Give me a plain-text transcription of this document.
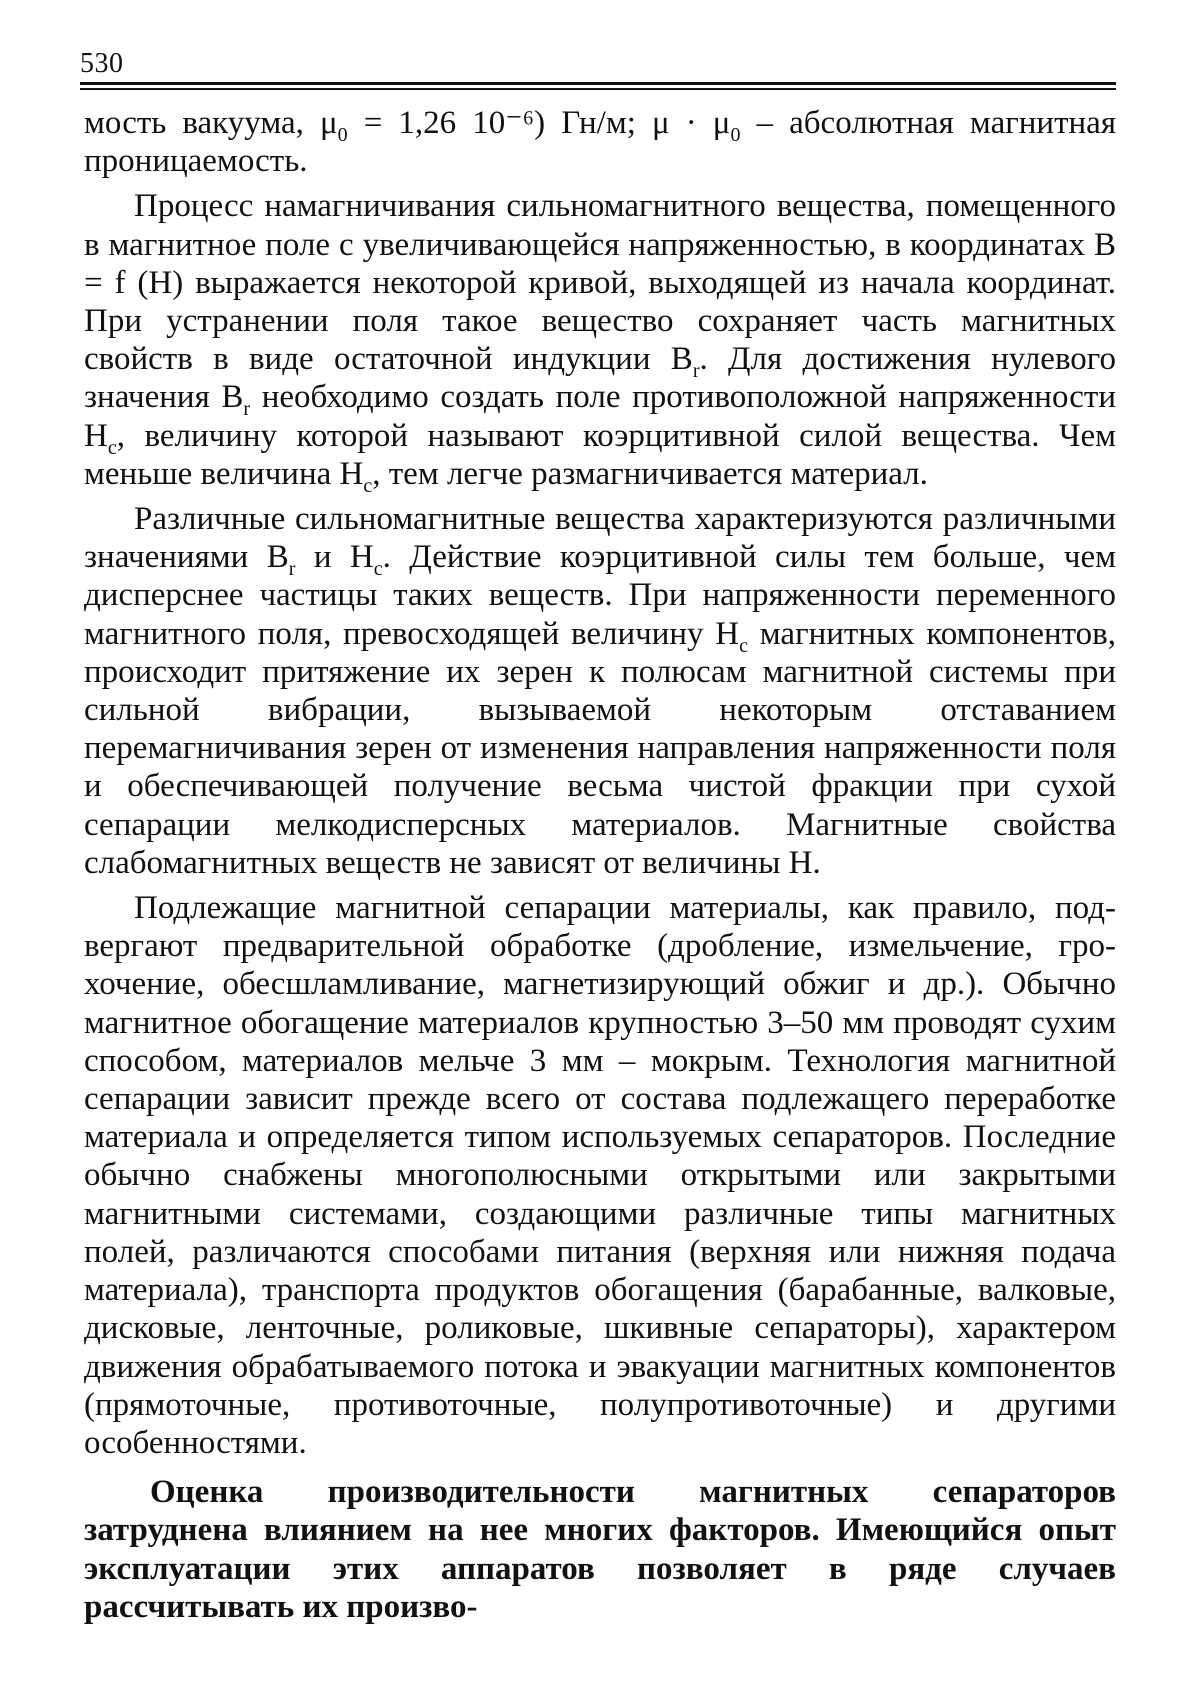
530

мость вакуума, $\mu_0 = 1,26$ 10⁻⁶) Гн/м; $\mu \cdot \mu_0$ – абсолютная магнитная проницаемость.

Процесс намагничивания сильномагнитного вещества, помещенного в магнитное поле с увеличивающейся напряженностью, в координатах B = f (H) выражается некоторой кривой, выходящей из начала координат. При устранении поля такое вещество сохраняет часть магнитных свойств в виде остаточной индукции $B_r$. Для достижения нулевого значения $B_r$ необходимо создать поле противоположной напряженности $H_c$, величину которой называют коэрцитивной силой вещества. Чем меньше величина $H_c$, тем легче размагничивается материал.

Различные сильномагнитные вещества характеризуются различными значениями $B_r$ и $H_c$. Действие коэрцитивной силы тем больше, чем дисперснее частицы таких веществ. При напряженности переменного магнитного поля, превосходящей величину $H_c$ магнитных компонентов, происходит притяжение их зерен к полюсам магнитной системы при сильной вибрации, вызываемой некоторым отставанием перемагничивания зерен от изменения направления напряженности поля и обеспечивающей получение весьма чистой фракции при сухой сепарации мелкодисперсных материалов. Магнитные свойства слабомагнитных веществ не зависят от величины H.

Подлежащие магнитной сепарации материалы, как правило, подвергают предварительной обработке (дробление, измельчение, грохочение, обесшламливание, магнетизирующий обжиг и др.). Обычно магнитное обогащение материалов крупностью 3–50 мм проводят сухим способом, материалов мельче 3 мм – мокрым. Технология магнитной сепарации зависит прежде всего от состава подлежащего переработке материала и определяется типом используемых сепараторов. Последние обычно снабжены многополюсными открытыми или закрытыми магнитными системами, создающими различные типы магнитных полей, различаются способами питания (верхняя или нижняя подача материала), транспорта продуктов обогащения (барабанные, валковые, дисковые, ленточные, роликовые, шкивные сепараторы), характером движения обрабатываемого потока и эвакуации магнитных компонентов (прямоточные, противоточные, полупротивоточные) и другими особенностями.

Оценка производительности магнитных сепараторов затруднена влиянием на нее многих факторов. Имеющийся опыт эксплуатации этих аппаратов позволяет в ряде случаев рассчитывать их произво-
